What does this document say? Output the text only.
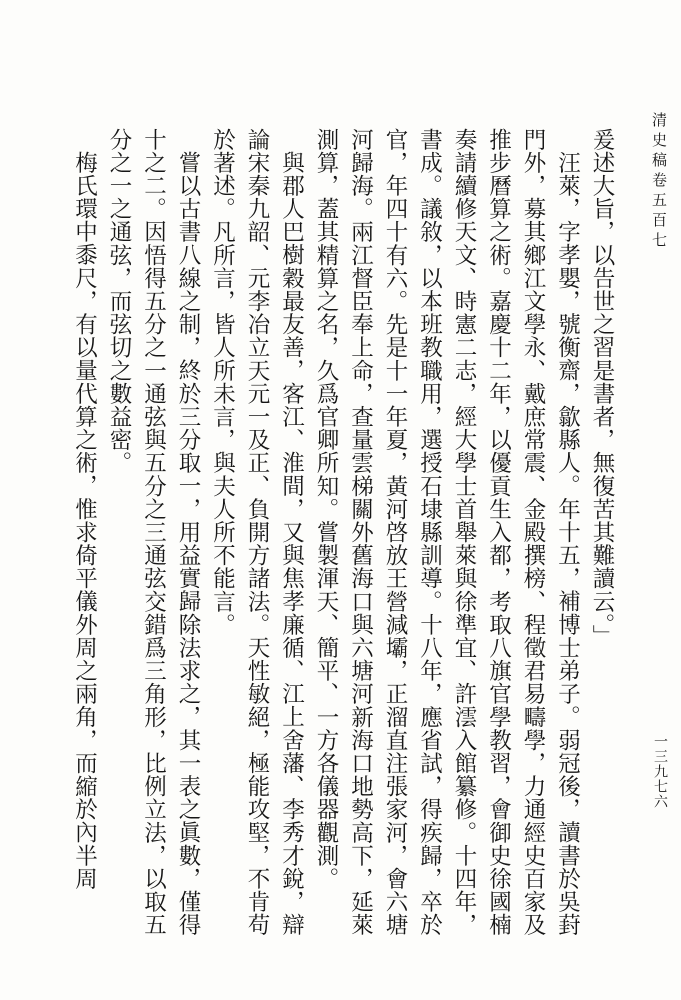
清史稿卷五百七
一三九七六

爰述大旨，以告世之習是書者，無復苦其難讀云。」

汪萊，字孝嬰，號衡齋，歙縣人。年十五，補博士弟子。弱冠後，讀書於吳葑門外，募其鄉江文學永、戴庶常震、金殿撰榜、程徵君易疇學，力通經史百家及推步曆算之術。嘉慶十二年，以優貢生入都，考取八旗官學教習，會御史徐國楠奏請續修天文、時憲二志，經大學士首舉萊與徐準宜、許澐入館纂修。十四年，書成。議敘，以本班教職用，選授石埭縣訓導。十八年，應省試，得疾歸，卒於官，年四十有六。先是十一年夏，黃河啓放王營減壩，正溜直注張家河，會六塘河歸海。兩江督臣奉上命，查量雲梯關外舊海口與六塘河新海口地勢高下，延萊測算，蓋其精算之名，久爲官卿所知。嘗製渾天、簡平、一方各儀器觀測。

與郡人巴樹穀最友善，客江、淮間，又與焦孝廉循、江上舍藩、李秀才銳，辯論宋秦九韶、元李冶立天元一及正、負開方諸法。天性敏絕，極能攻堅，不肯苟於著述。凡所言，皆人所未言，與夫人所不能言。

嘗以古書八線之制，終於三分取一，用益實歸除法求之，其一表之眞數，僅得十之二。因悟得五分之一通弦與五分之三通弦交錯爲三角形，比例立法，以取五分之一之通弦，而弦切之數益密。

梅氏環中黍尺，有以量代算之術，惟求倚平儀外周之兩角，而縮於內半周
